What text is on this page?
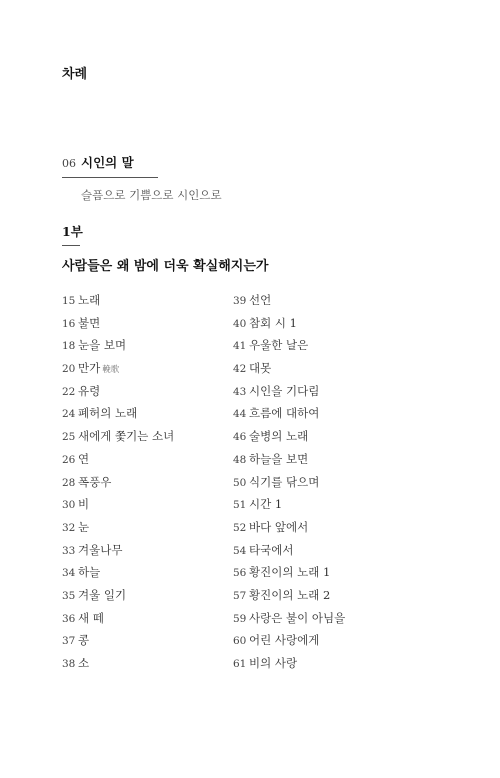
차례
06 시인의 말
슬픔으로 기쁨으로 시인으로
1부
사람들은 왜 밤에 더욱 확실해지는가
15 노래
16 불면
18 눈을 보며
20 만가 輓歌
22 유령
24 폐허의 노래
25 새에게 쫓기는 소녀
26 연
28 폭풍우
30 비
32 눈
33 겨울나무
34 하늘
35 겨울 일기
36 새 떼
37 콩
38 소
39 선언
40 참회 시 1
41 우울한 날은
42 대못
43 시인을 기다림
44 흐름에 대하여
46 술병의 노래
48 하늘을 보면
50 식기를 닦으며
51 시간 1
52 바다 앞에서
54 타국에서
56 황진이의 노래 1
57 황진이의 노래 2
59 사랑은 불이 아님을
60 어린 사랑에게
61 비의 사랑
